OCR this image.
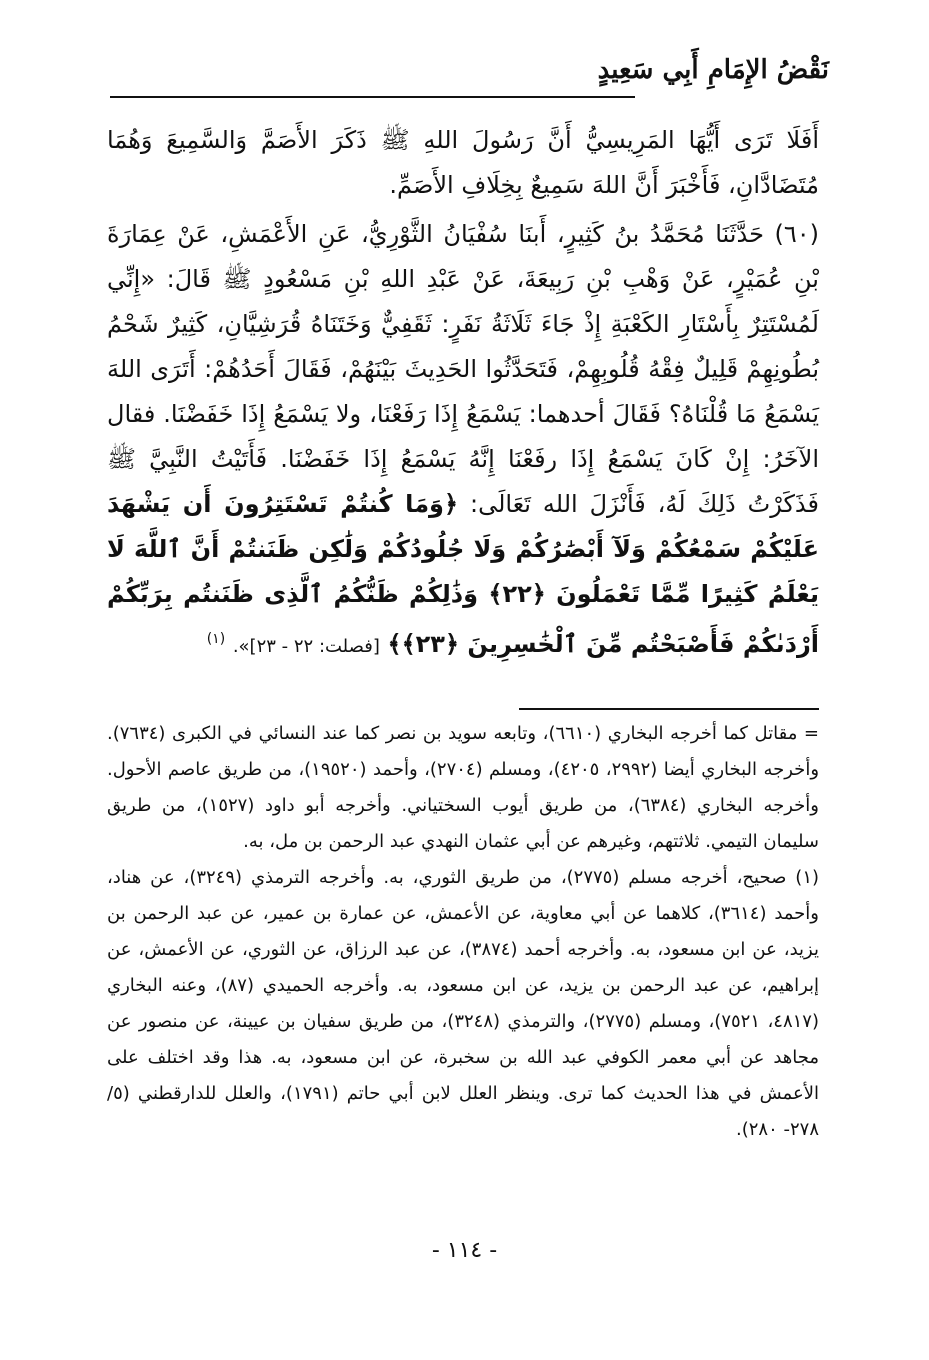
نَقْضُ الإِمَامِ أَبِي سَعِيدٍ

أَفَلَا تَرَى أَيُّهَا المَرِيسِيُّ أَنَّ رَسُولَ اللهِ ﷺ ذَكَرَ الأَصَمَّ وَالسَّمِيعَ وَهُمَا مُتَضَادَّانِ، فَأَخْبَرَ أَنَّ اللهَ سَمِيعٌ بِخِلَافِ الأَصَمِّ.

(٦٠) حَدَّثَنَا مُحَمَّدُ بنُ كَثِيرٍ، أَبنَا سُفْيَانُ الثَّوْرِيُّ، عَنِ الأَعْمَشِ، عَنْ عِمَارَةَ بْنِ عُمَيْرٍ، عَنْ وَهْبِ بْنِ رَبِيعَةَ، عَنْ عَبْدِ اللهِ بْنِ مَسْعُودٍ ﷺ قَالَ: «إِنِّي لَمُسْتَتِرٌ بِأَسْتَارِ الكَعْبَةِ إِذْ جَاءَ ثَلَاثَةُ نَفَرٍ: ثَقَفِيٌّ وَخَتَنَاهُ قُرَشِيَّانِ، كَثِيرٌ شَحْمُ بُطُونِهِمْ قَلِيلٌ فِقْهُ قُلُوبِهِمْ، فَتَحَدَّثُوا الحَدِيثَ بَيْنَهُمْ، فَقَالَ أَحَدُهُمْ: أَتَرَى اللهَ يَسْمَعُ مَا قُلْنَاهُ؟ فَقَالَ أحدهما: يَسْمَعُ إِذَا رَفَعْنَا، ولا يَسْمَعُ إِذَا خَفَضْنَا. فقال الآخَرُ: إِنْ كَانَ يَسْمَعُ إِذَا رفَعْنَا إِنَّهُ يَسْمَعُ إِذَا خَفَضْنَا. فَأَتَيْتُ النَّبِيَّ ﷺ فَذَكَرْتُ ذَلِكَ لَهُ، فَأَنْزَلَ الله تَعَالَى: ﴿وَمَا كُنتُمْ تَسْتَتِرُونَ أَن يَشْهَدَ عَلَيْكُمْ سَمْعُكُمْ وَلَآ أَبْصَٰرُكُمْ وَلَا جُلُودُكُمْ وَلَٰكِن ظَنَنتُمْ أَنَّ ٱللَّهَ لَا يَعْلَمُ كَثِيرًا مِّمَّا تَعْمَلُونَ ﴿٢٢﴾ وَذَٰلِكُمْ ظَنُّكُمُ ٱلَّذِى ظَنَنتُم بِرَبِّكُمْ أَرْدَىٰكُمْ فَأَصْبَحْتُم مِّنَ ٱلْخَٰسِرِينَ ﴿٢٣﴾﴾ [فصلت: ٢٢ - ٢٣]». $^{(١)}$

= مقاتل كما أخرجه البخاري (٦٦١٠)، وتابعه سويد بن نصر كما عند النسائي في الكبرى (٧٦٣٤). وأخرجه البخاري أيضا (٢٩٩٢، ٤٢٠٥)، ومسلم (٢٧٠٤)، وأحمد (١٩٥٢٠)، من طريق عاصم الأحول. وأخرجه البخاري (٦٣٨٤)، من طريق أيوب السختياني. وأخرجه أبو داود (١٥٢٧)، من طريق سليمان التيمي. ثلاثتهم، وغيرهم عن أبي عثمان النهدي عبد الرحمن بن مل، به.

(١) صحيح، أخرجه مسلم (٢٧٧٥)، من طريق الثوري، به. وأخرجه الترمذي (٣٢٤٩)، عن هناد، وأحمد (٣٦١٤)، كلاهما عن أبي معاوية، عن الأعمش، عن عمارة بن عمير، عن عبد الرحمن بن يزيد، عن ابن مسعود، به. وأخرجه أحمد (٣٨٧٤)، عن عبد الرزاق، عن الثوري، عن الأعمش، عن إبراهيم، عن عبد الرحمن بن يزيد، عن ابن مسعود، به. وأخرجه الحميدي (٨٧)، وعنه البخاري (٤٨١٧، ٧٥٢١)، ومسلم (٢٧٧٥)، والترمذي (٣٢٤٨)، من طريق سفيان بن عيينة، عن منصور عن مجاهد عن أبي معمر الكوفي عبد الله بن سخبرة، عن ابن مسعود، به. هذا وقد اختلف على الأعمش في هذا الحديث كما ترى. وينظر العلل لابن أبي حاتم (١٧٩١)، والعلل للدارقطني (٥/ ٢٧٨- ٢٨٠).

- ١١٤ -
